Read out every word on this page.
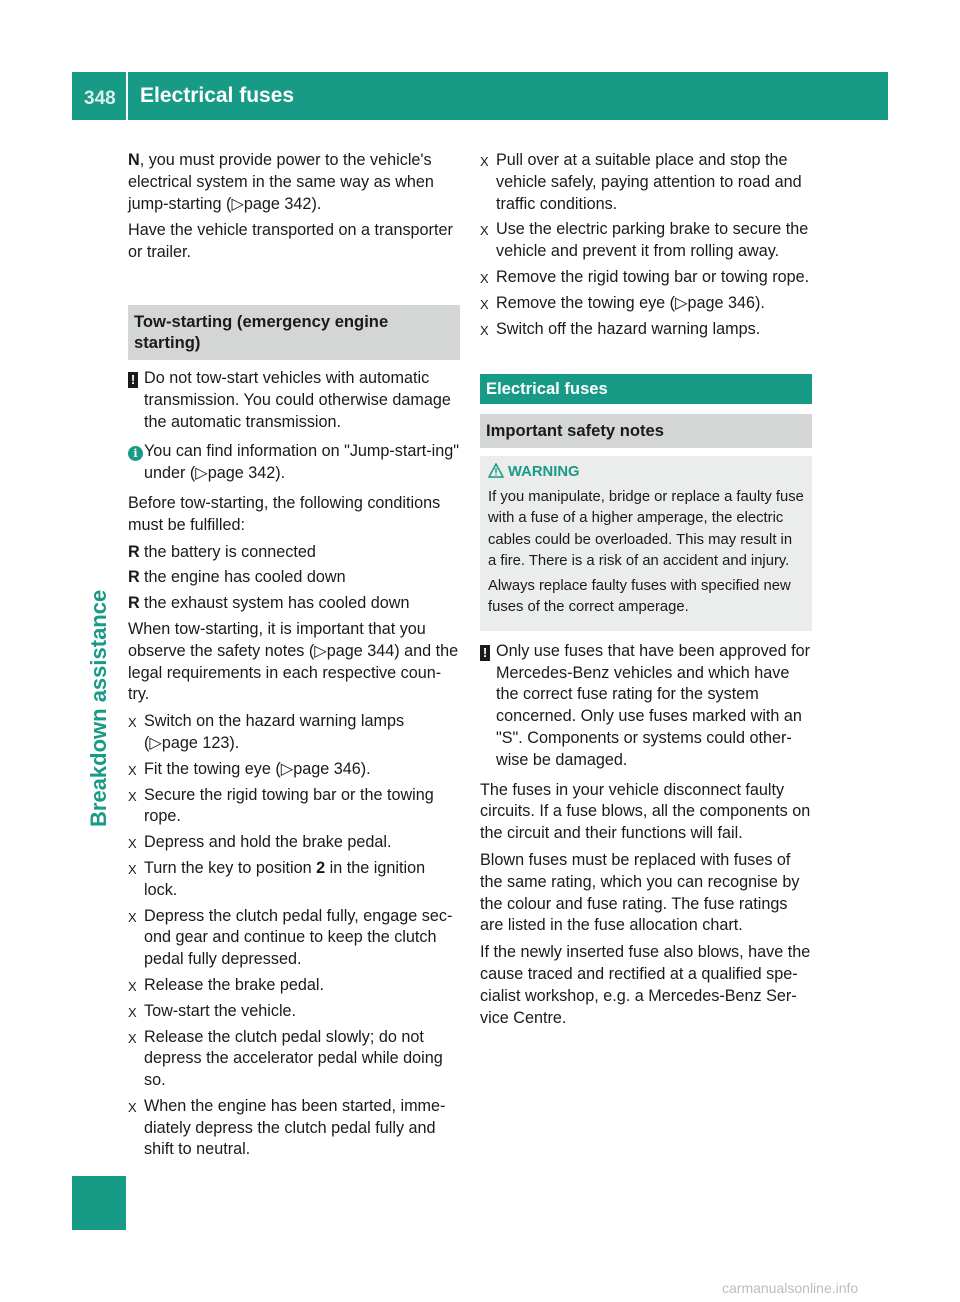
348 Electrical fuses
Breakdown assistance

N, you must provide power to the vehicle's electrical system in the same way as when jump-starting (▷page 342).

Have the vehicle transported on a transporter or trailer.

Tow-starting (emergency engine starting)
! Do not tow-start vehicles with automatic transmission. You could otherwise damage the automatic transmission.
i You can find information on "Jump-start-ing" under (▷page 342).

Before tow-starting, the following conditions must be fulfilled:

R the battery is connected
R the engine has cooled down
R the exhaust system has cooled down

When tow-starting, it is important that you observe the safety notes (▷page 344) and the legal requirements in each respective coun-try.

X Switch on the hazard warning lamps (▷page 123).
X Fit the towing eye (▷page 346).
X Secure the rigid towing bar or the towing rope.
X Depress and hold the brake pedal.
X Turn the key to position 2 in the ignition lock.
X Depress the clutch pedal fully, engage sec-ond gear and continue to keep the clutch pedal fully depressed.
X Release the brake pedal.
X Tow-start the vehicle.
X Release the clutch pedal slowly; do not depress the accelerator pedal while doing so.
X When the engine has been started, imme-diately depress the clutch pedal fully and shift to neutral.
X Pull over at a suitable place and stop the vehicle safely, paying attention to road and traffic conditions.
X Use the electric parking brake to secure the vehicle and prevent it from rolling away.
X Remove the rigid towing bar or towing rope.
X Remove the towing eye (▷page 346).
X Switch off the hazard warning lamps.
Electrical fuses
Important safety notes
WARNING

If you manipulate, bridge or replace a faulty fuse with a fuse of a higher amperage, the electric cables could be overloaded. This may result in a fire. There is a risk of an accident and injury.

Always replace faulty fuses with specified new fuses of the correct amperage.

! Only use fuses that have been approved for Mercedes-Benz vehicles and which have the correct fuse rating for the system concerned. Only use fuses marked with an "S". Components or systems could other-wise be damaged.

The fuses in your vehicle disconnect faulty circuits. If a fuse blows, all the components on the circuit and their functions will fail.

Blown fuses must be replaced with fuses of the same rating, which you can recognise by the colour and fuse rating. The fuse ratings are listed in the fuse allocation chart.

If the newly inserted fuse also blows, have the cause traced and rectified at a qualified spe-cialist workshop, e.g. a Mercedes-Benz Ser-vice Centre.

carmanualsonline.info
